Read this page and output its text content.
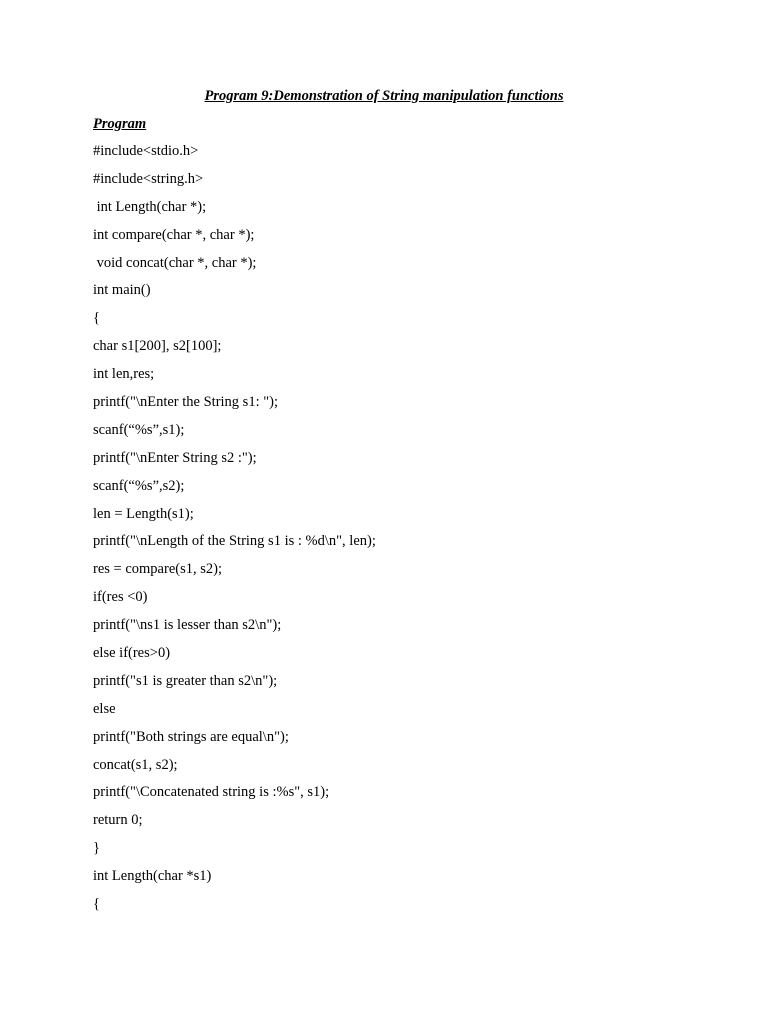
Program 9:Demonstration of String manipulation functions
Program
#include<stdio.h>
#include<string.h>
int Length(char *);
int compare(char *, char *);
void concat(char *, char *);
int main()
{
char s1[200], s2[100];
int len,res;
printf("\nEnter the String s1: ");
scanf(“%s”,s1);
printf("\nEnter String s2 :");
scanf(“%s”,s2);
len = Length(s1);
printf("\nLength of the String s1 is : %d\n", len);
res = compare(s1, s2);
if(res <0)
printf("\ns1 is lesser than s2\n");
else if(res>0)
printf("s1 is greater than s2\n");
else
printf("Both strings are equal\n");
concat(s1, s2);
printf("\Concatenated string is :%s", s1);
return 0;
}
int Length(char *s1)
{
